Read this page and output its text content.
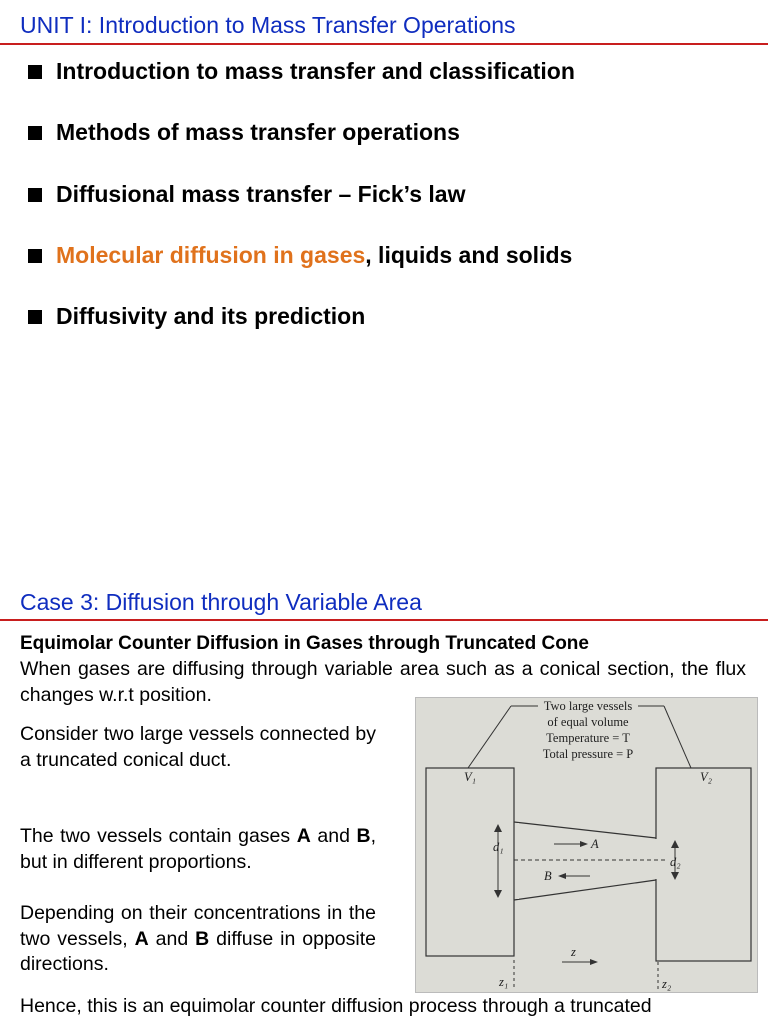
UNIT I: Introduction to Mass Transfer Operations
Introduction to mass transfer and classification
Methods of mass transfer operations
Diffusional mass transfer – Fick’s law
Molecular diffusion in gases, liquids and solids
Diffusivity and its prediction
Case 3: Diffusion through Variable Area
Equimolar Counter Diffusion in Gases through Truncated Cone
When gases are diffusing through variable area such as a conical section, the flux changes w.r.t position.
Consider two large vessels connected by a truncated conical duct.
The two vessels contain gases A and B, but in different proportions.
Depending on their concentrations in the two vessels, A and B diffuse in opposite directions.
Two large vessels
of equal volume
Temperature = T
Total pressure = P
d₁
d₂
A
B
V₁	V₂
z
z₁	z₂
Hence, this is an equimolar counter diffusion process through a truncated
